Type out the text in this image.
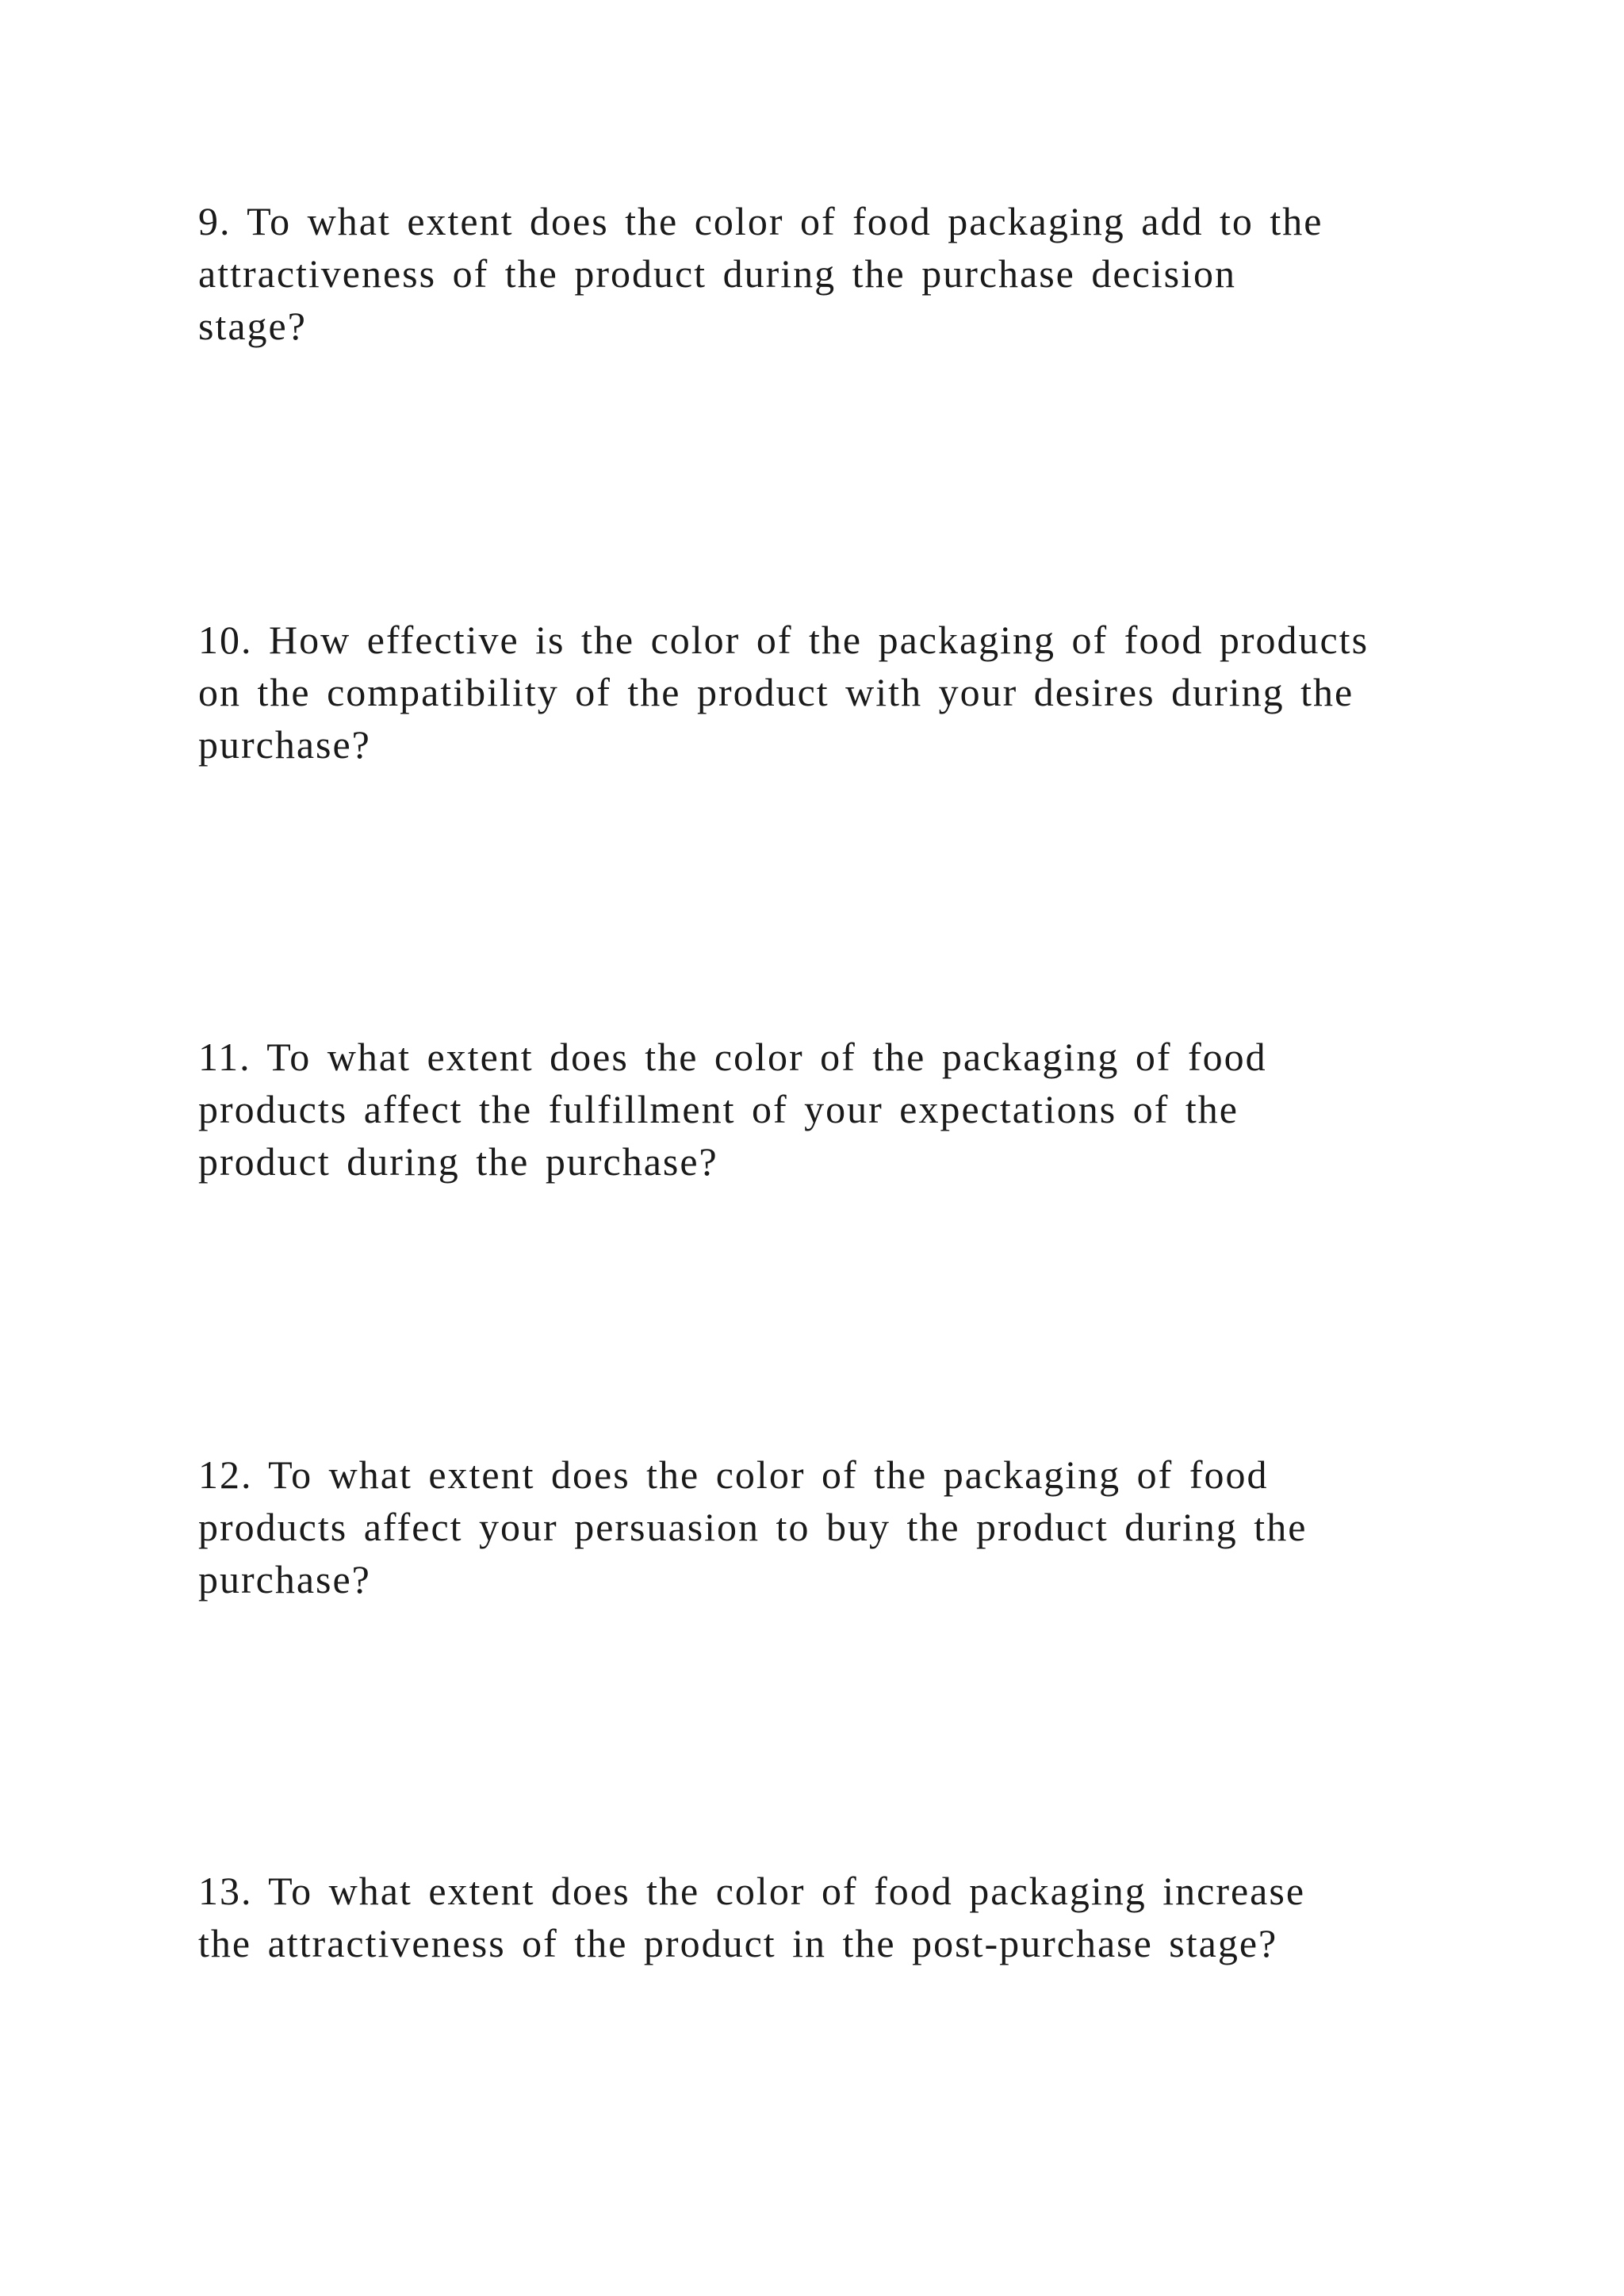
9. To what extent does the color of food packaging add to the
attractiveness of the product during the purchase decision
stage?

10. How effective is the color of the packaging of food products
on the compatibility of the product with your desires during the
purchase?

11. To what extent does the color of the packaging of food
products affect the fulfillment of your expectations of the
product during the purchase?

12. To what extent does the color of the packaging of food
products affect your persuasion to buy the product during the
purchase?

13. To what extent does the color of food packaging increase
the attractiveness of the product in the post-purchase stage?
